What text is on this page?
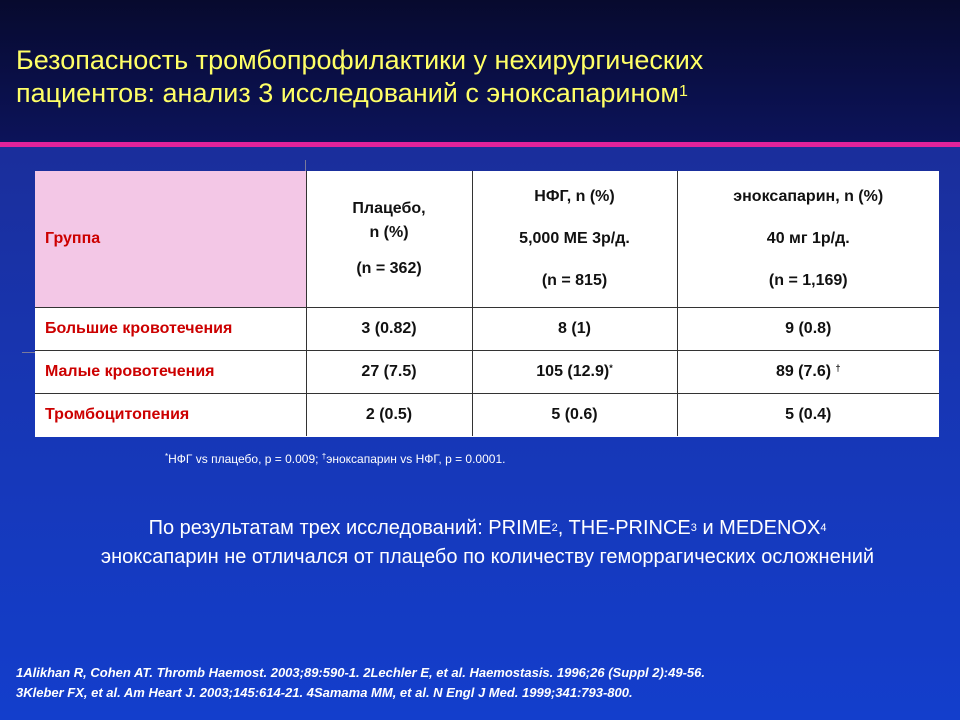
Безопасность тромбопрофилактики у нехирургических
пациентов: анализ 3 исследований с эноксапарином$^1$
Группа	Плацебо,
n (%)
(n = 362)	НФГ, n (%)
5,000 МЕ 3р/д.
(n = 815)	эноксапарин, n (%)
40 мг 1р/д.
(n = 1,169)

Большие кровотечения	3 (0.82)	8 (1)	9 (0.8)
Малые кровотечения	27 (7.5)	105 (12.9)*	89 (7.6) †
Тромбоцитопения	2 (0.5)	5 (0.6)	5 (0.4)
*НФГ vs плацебо, p = 0.009; †эноксапарин vs НФГ, p = 0.0001.
По результатам трех исследований: PRIME$^2$, THE-PRINCE$^3$ и MEDENOX$^4$
эноксапарин не отличался от плацебо по количеству геморрагических осложнений
1Alikhan R, Cohen AT. Thromb Haemost. 2003;89:590-1. 2Lechler E, et al. Haemostasis. 1996;26 (Suppl 2):49-56.
3Kleber FX, et al. Am Heart J. 2003;145:614-21. 4Samama MM, et al. N Engl J Med. 1999;341:793-800.
